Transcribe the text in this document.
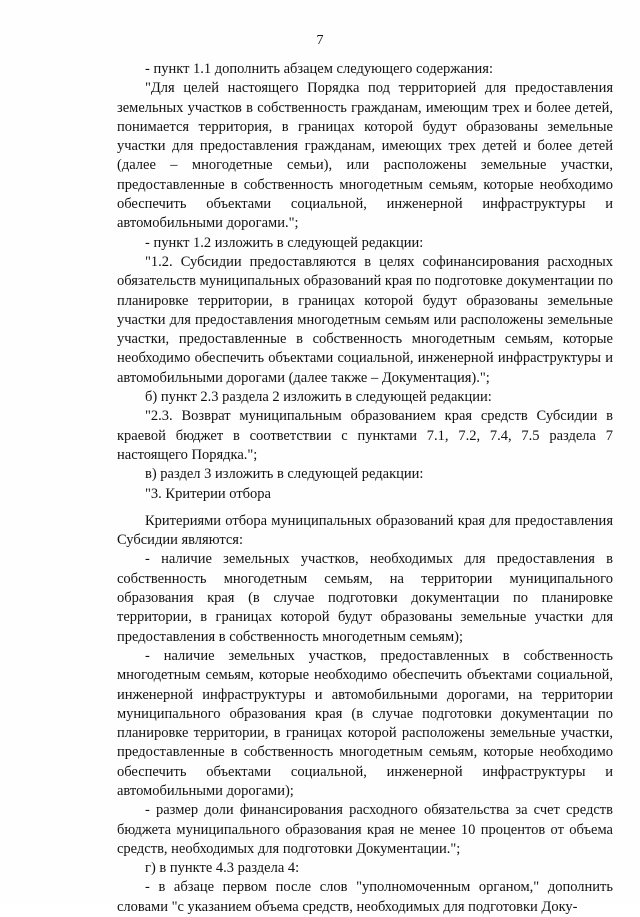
7

- пункт 1.1 дополнить абзацем следующего содержания:

"Для целей настоящего Порядка под территорией для предоставления земельных участков в собственность гражданам, имеющим трех и более детей, понимается территория, в границах которой будут образованы земельные участки для предоставления гражданам, имеющих трех детей и более детей (далее – многодетные семьи), или расположены земельные участки, предоставленные в собственность многодетным семьям, которые необходимо обеспечить объектами социальной, инженерной инфраструктуры и автомобильными дорогами.";

- пункт 1.2 изложить в следующей редакции:

"1.2. Субсидии предоставляются в целях софинансирования расходных обязательств муниципальных образований края по подготовке документации по планировке территории, в границах которой будут образованы земельные участки для предоставления многодетным семьям или расположены земельные участки, предоставленные в собственность многодетным семьям, которые необходимо обеспечить объектами социальной, инженерной инфраструктуры и автомобильными дорогами (далее также – Документация).";

б) пункт 2.3 раздела 2 изложить в следующей редакции:

"2.3. Возврат муниципальным образованием края средств Субсидии в краевой бюджет в соответствии с пунктами 7.1, 7.2, 7.4, 7.5 раздела 7 настоящего Порядка.";

в) раздел 3 изложить в следующей редакции:

"3. Критерии отбора

Критериями отбора муниципальных образований края для предоставления Субсидии являются:

- наличие земельных участков, необходимых для предоставления в собственность многодетным семьям, на территории муниципального образования края (в случае подготовки документации по планировке территории, в границах которой будут образованы земельные участки для предоставления в собственность многодетным семьям);

- наличие земельных участков, предоставленных в собственность многодетным семьям, которые необходимо обеспечить объектами социальной, инженерной инфраструктуры и автомобильными дорогами, на территории муниципального образования края (в случае подготовки документации по планировке территории, в границах которой расположены земельные участки, предоставленные в собственность многодетным семьям, которые необходимо обеспечить объектами социальной, инженерной инфраструктуры и автомобильными дорогами);

- размер доли финансирования расходного обязательства за счет средств бюджета муниципального образования края не менее 10 процентов от объема средств, необходимых для подготовки Документации.";

г) в пункте 4.3 раздела 4:

- в абзаце первом после слов "уполномоченным органом," дополнить словами "с указанием объема средств, необходимых для подготовки Доку-
